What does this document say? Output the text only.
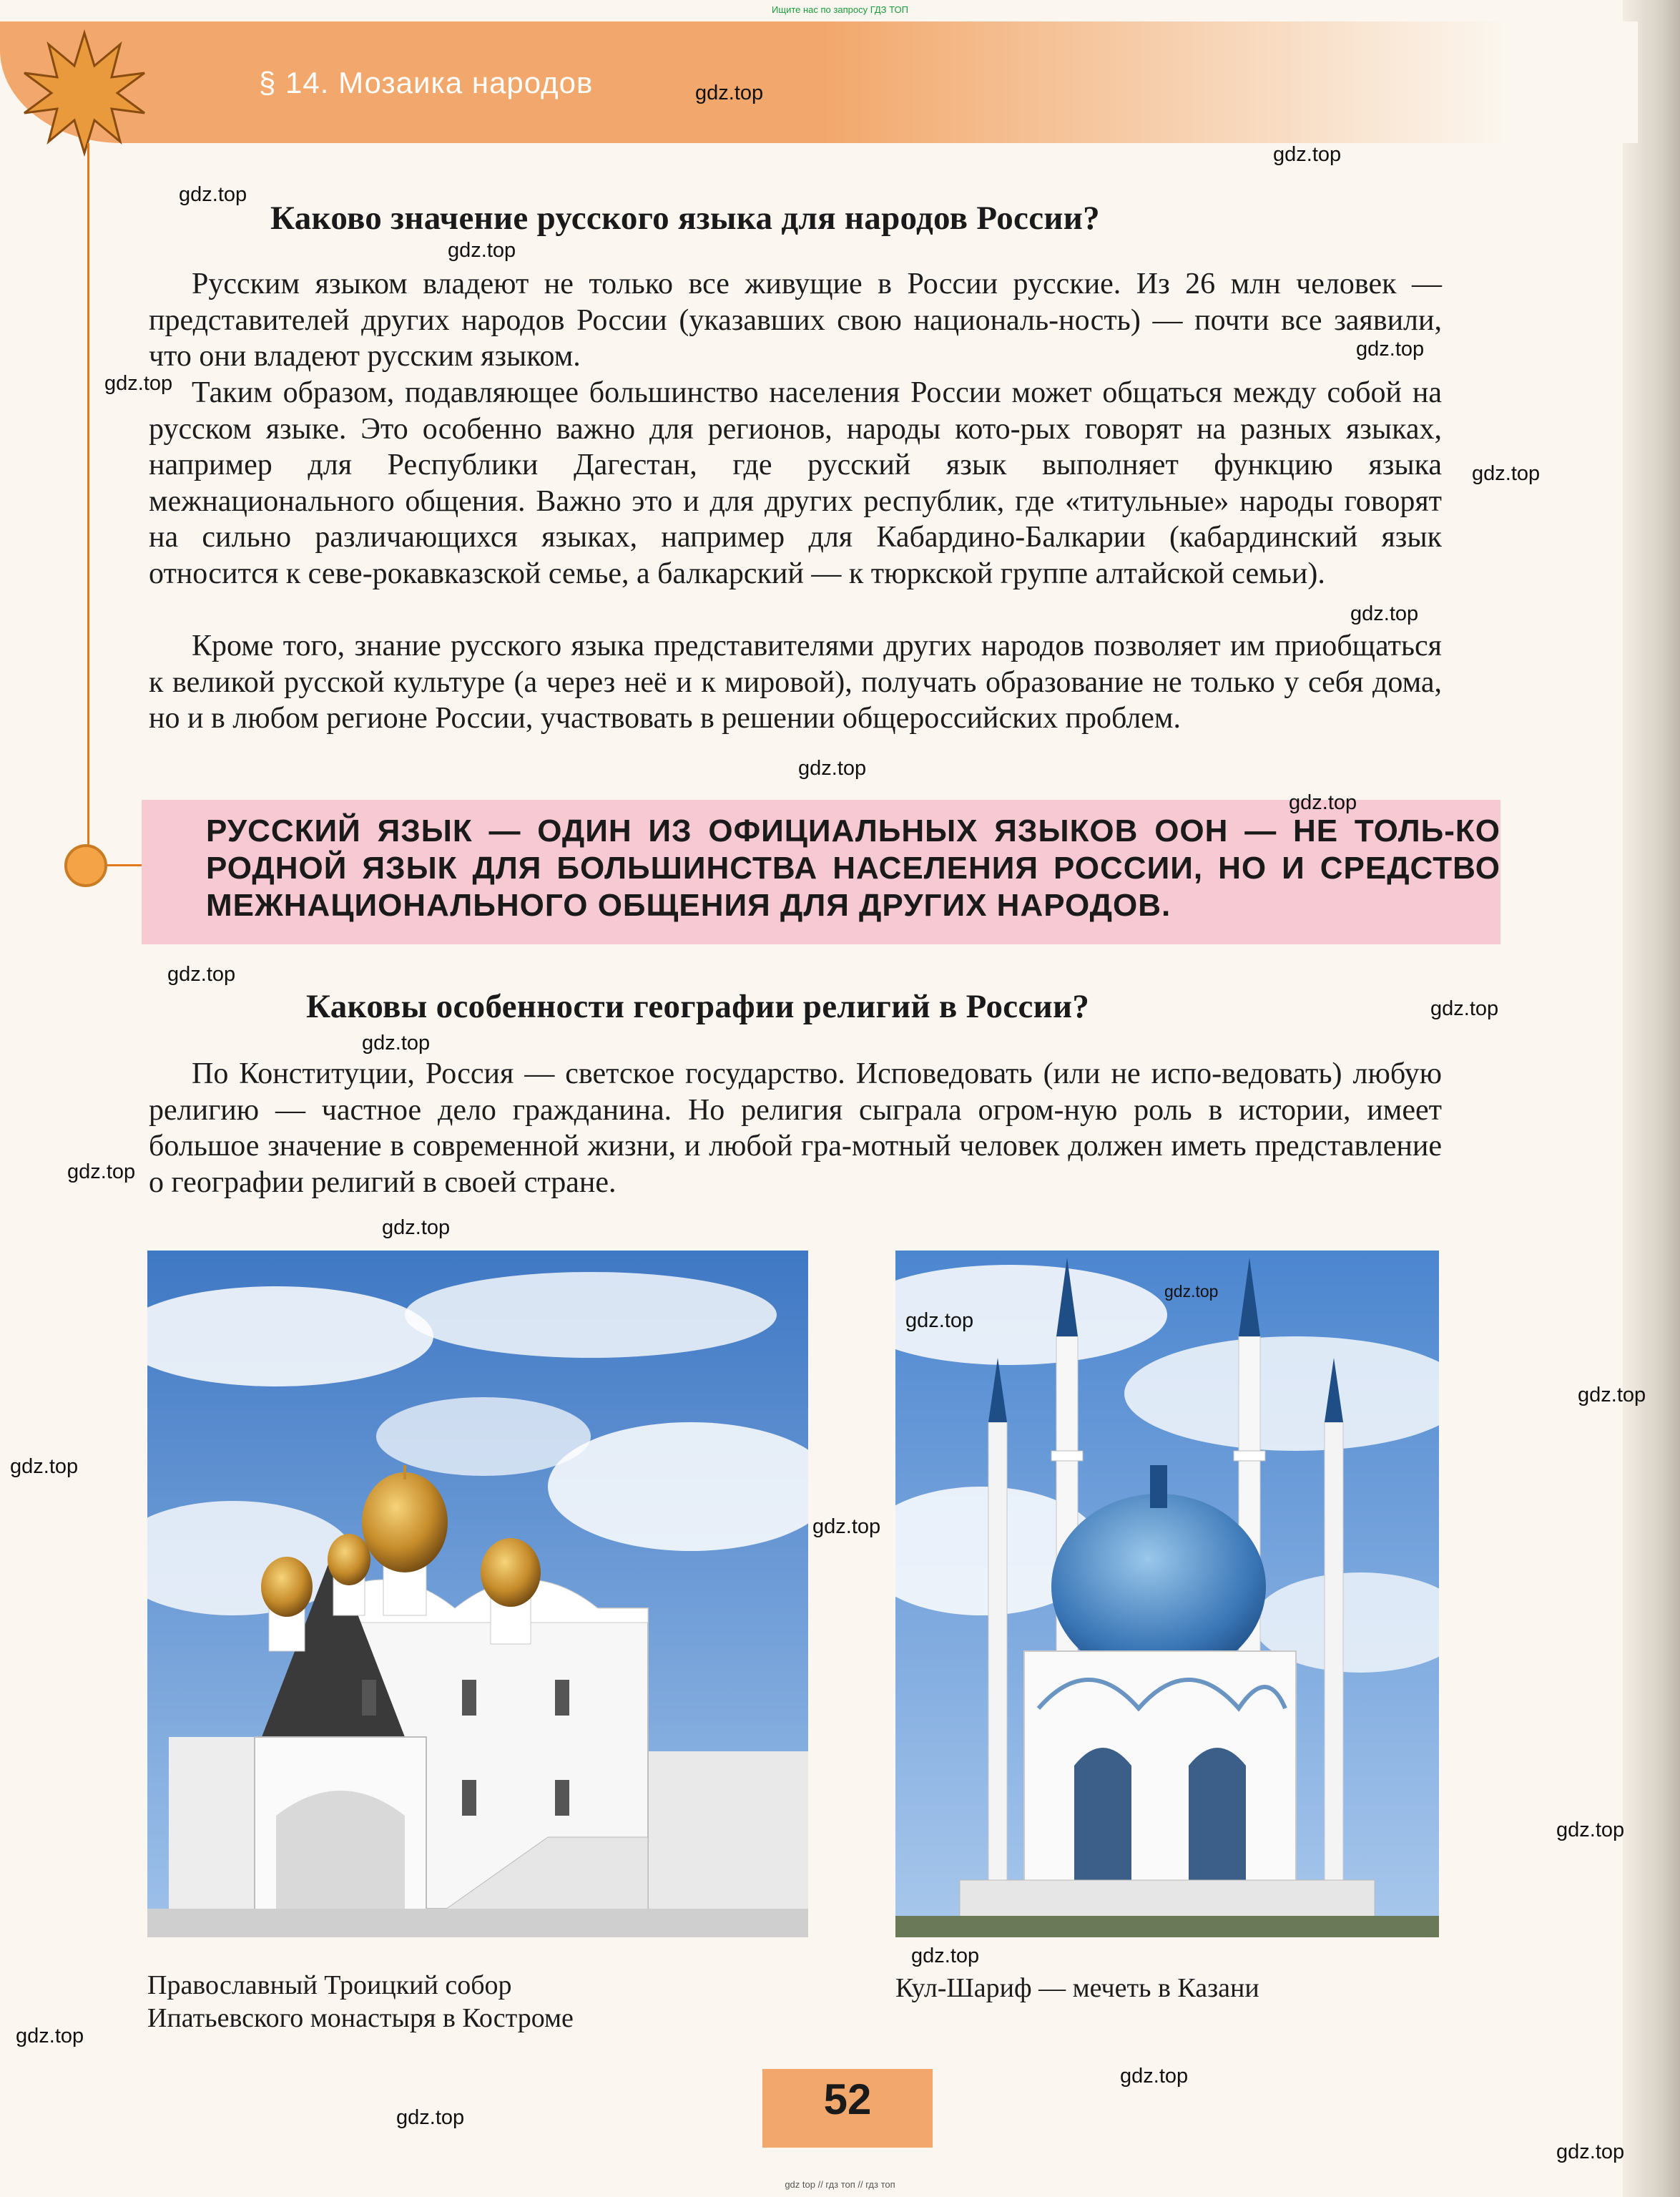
Ищите нас по запросу ГДЗ ТОП
§ 14. Мозаика народов
Каково значение русского языка для народов России?

Русским языком владеют не только все живущие в России русские. Из 26 млн человек — представителей других народов России (указавших свою националь-ность) — почти все заявили, что они владеют русским языком.

Таким образом, подавляющее большинство населения России может общаться между собой на русском языке. Это особенно важно для регионов, народы кото-рых говорят на разных языках, например для Республики Дагестан, где русский язык выполняет функцию языка межнационального общения. Важно это и для других республик, где «титульные» народы говорят на сильно различающихся языках, например для Кабардино-Балкарии (кабардинский язык относится к севе-рокавказской семье, а балкарский — к тюркской группе алтайской семьи).

Кроме того, знание русского языка представителями других народов позволяет им приобщаться к великой русской культуре (а через неё и к мировой), получать образование не только у себя дома, но и в любом регионе России, участвовать в решении общероссийских проблем.

РУССКИЙ ЯЗЫК — ОДИН ИЗ ОФИЦИАЛЬНЫХ ЯЗЫКОВ ООН — НЕ ТОЛЬ-КО РОДНОЙ ЯЗЫК ДЛЯ БОЛЬШИНСТВА НАСЕЛЕНИЯ РОССИИ, НО И СРЕДСТВО МЕЖНАЦИОНАЛЬНОГО ОБЩЕНИЯ ДЛЯ ДРУГИХ НАРОДОВ.

Каковы особенности географии религий в России?

По Конституции, Россия — светское государство. Исповедовать (или не испо-ведовать) любую религию — частное дело гражданина. Но религия сыграла огром-ную роль в истории, имеет большое значение в современной жизни, и любой гра-мотный человек должен иметь представление о географии религий в своей стране.

Православный Троицкий собор

Ипатьевского монастыря в Костроме

Кул-Шариф — мечеть в Казани

52
gdz.top
gdz.top
gdz.top
gdz.top
gdz.top
gdz.top
gdz.top
gdz.top
gdz.top
gdz.top
gdz.top
gdz.top
gdz.top
gdz.top
gdz.top
gdz.top
gdz.top
gdz.top
gdz.top
gdz.top
gdz.top
gdz.top
gdz.top
gdz.top
gdz.top
gdz.top
gdz top // гдз топ // гдз топ
